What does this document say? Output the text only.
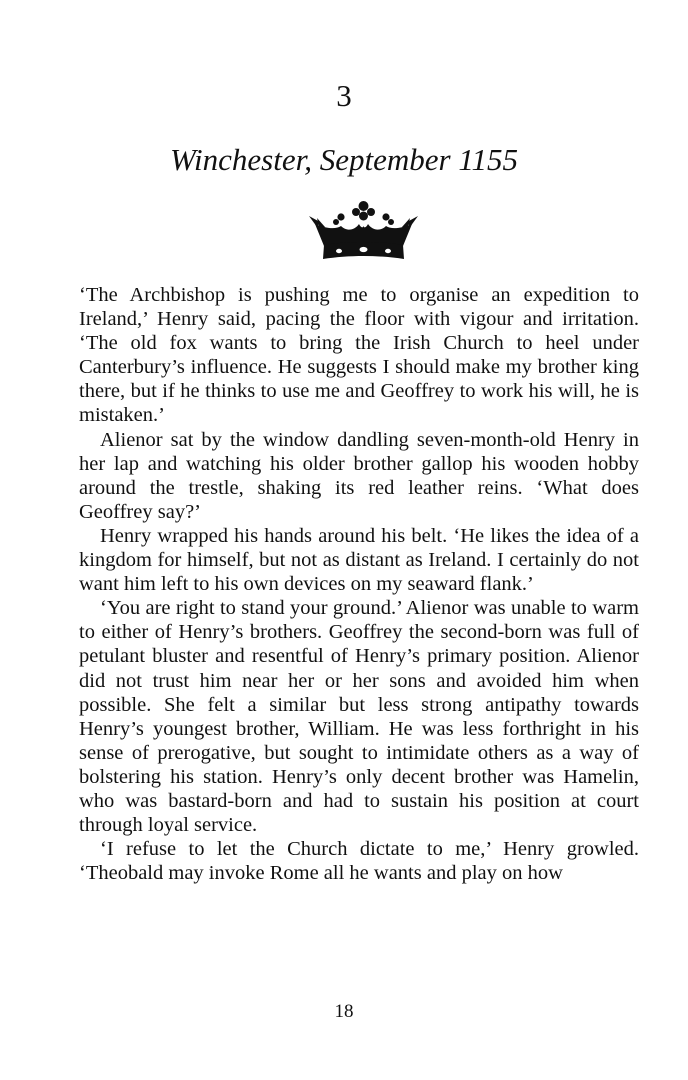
3
Winchester, September 1155

‘The Archbishop is pushing me to organise an expedition to Ireland,’ Henry said, pacing the floor with vigour and irritation. ‘The old fox wants to bring the Irish Church to heel under Canterbury’s influence. He suggests I should make my brother king there, but if he thinks to use me and Geoffrey to work his will, he is mistaken.’

Alienor sat by the window dandling seven-month-old Henry in her lap and watching his older brother gallop his wooden hobby around the trestle, shaking its red leather reins. ‘What does Geoffrey say?’

Henry wrapped his hands around his belt. ‘He likes the idea of a kingdom for himself, but not as distant as Ireland. I certainly do not want him left to his own devices on my seaward flank.’

‘You are right to stand your ground.’ Alienor was unable to warm to either of Henry’s brothers. Geoffrey the second-born was full of petulant bluster and resentful of Henry’s primary position. Alienor did not trust him near her or her sons and avoided him when possible. She felt a similar but less strong antipathy towards Henry’s youngest brother, William. He was less forthright in his sense of prerogative, but sought to intimidate others as a way of bolstering his station. Henry’s only decent brother was Hamelin, who was bastard-born and had to sustain his position at court through loyal service.

‘I refuse to let the Church dictate to me,’ Henry growled. ‘Theobald may invoke Rome all he wants and play on how

18
